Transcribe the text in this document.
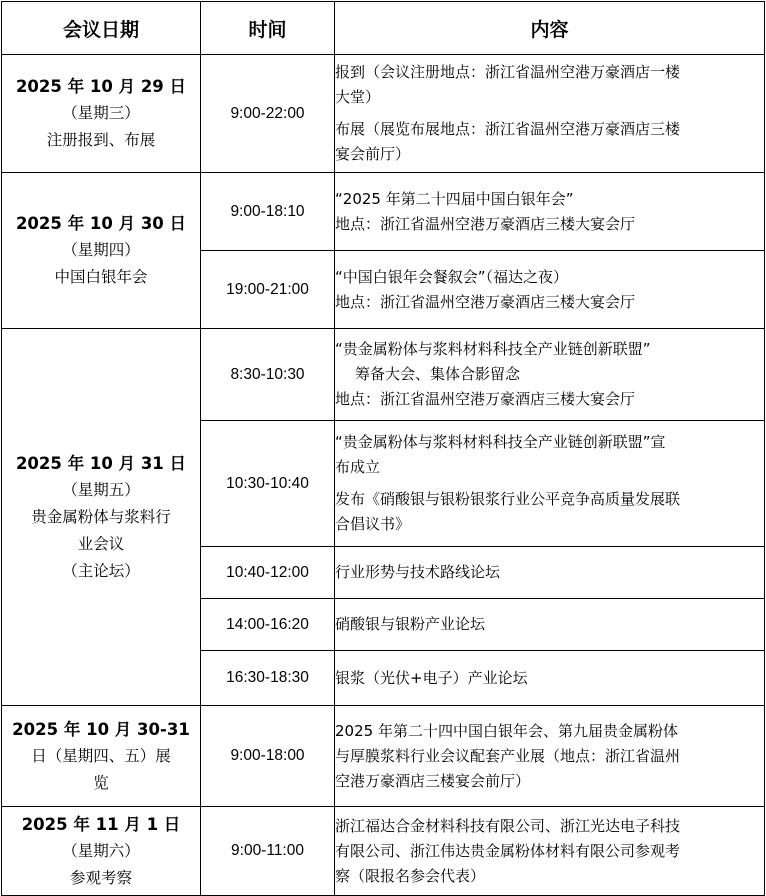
会议日期	时间	内容

2025 年 10 月 29 日
（星期三）
注册报到、布展	9:00-22:00	报到（会议注册地点：浙江省温州空港万豪酒店一楼
大堂）
布展（展览布展地点：浙江省温州空港万豪酒店三楼
宴会前厅）

2025 年 10 月 30 日
（星期四）
中国白银年会	9:00-18:10	“2025 年第二十四届中国白银年会”
地点：浙江省温州空港万豪酒店三楼大宴会厅

	19:00-21:00	“中国白银年会餐叙会”（福达之夜）
地点：浙江省温州空港万豪酒店三楼大宴会厅

2025 年 10 月 31 日
（星期五）
贵金属粉体与浆料行
业会议
（主论坛）	8:30-10:30	“贵金属粉体与浆料材料科技全产业链创新联盟”
筹备大会、集体合影留念
地点：浙江省温州空港万豪酒店三楼大宴会厅

	10:30-10:40	“贵金属粉体与浆料材料科技全产业链创新联盟”宣
布成立
发布《硝酸银与银粉银浆行业公平竞争高质量发展联
合倡议书》

	10:40-12:00	行业形势与技术路线论坛

	14:00-16:20	硝酸银与银粉产业论坛

	16:30-18:30	银浆（光伏+电子）产业论坛

2025 年 10 月 30-31
日（星期四、五）展
览	9:00-18:00	2025 年第二十四中国白银年会、第九届贵金属粉体
与厚膜浆料行业会议配套产业展（地点：浙江省温州
空港万豪酒店三楼宴会前厅）

2025 年 11 月 1 日
（星期六）
参观考察	9:00-11:00	浙江福达合金材料科技有限公司、浙江光达电子科技
有限公司、浙江伟达贵金属粉体材料有限公司参观考
察（限报名参会代表）
